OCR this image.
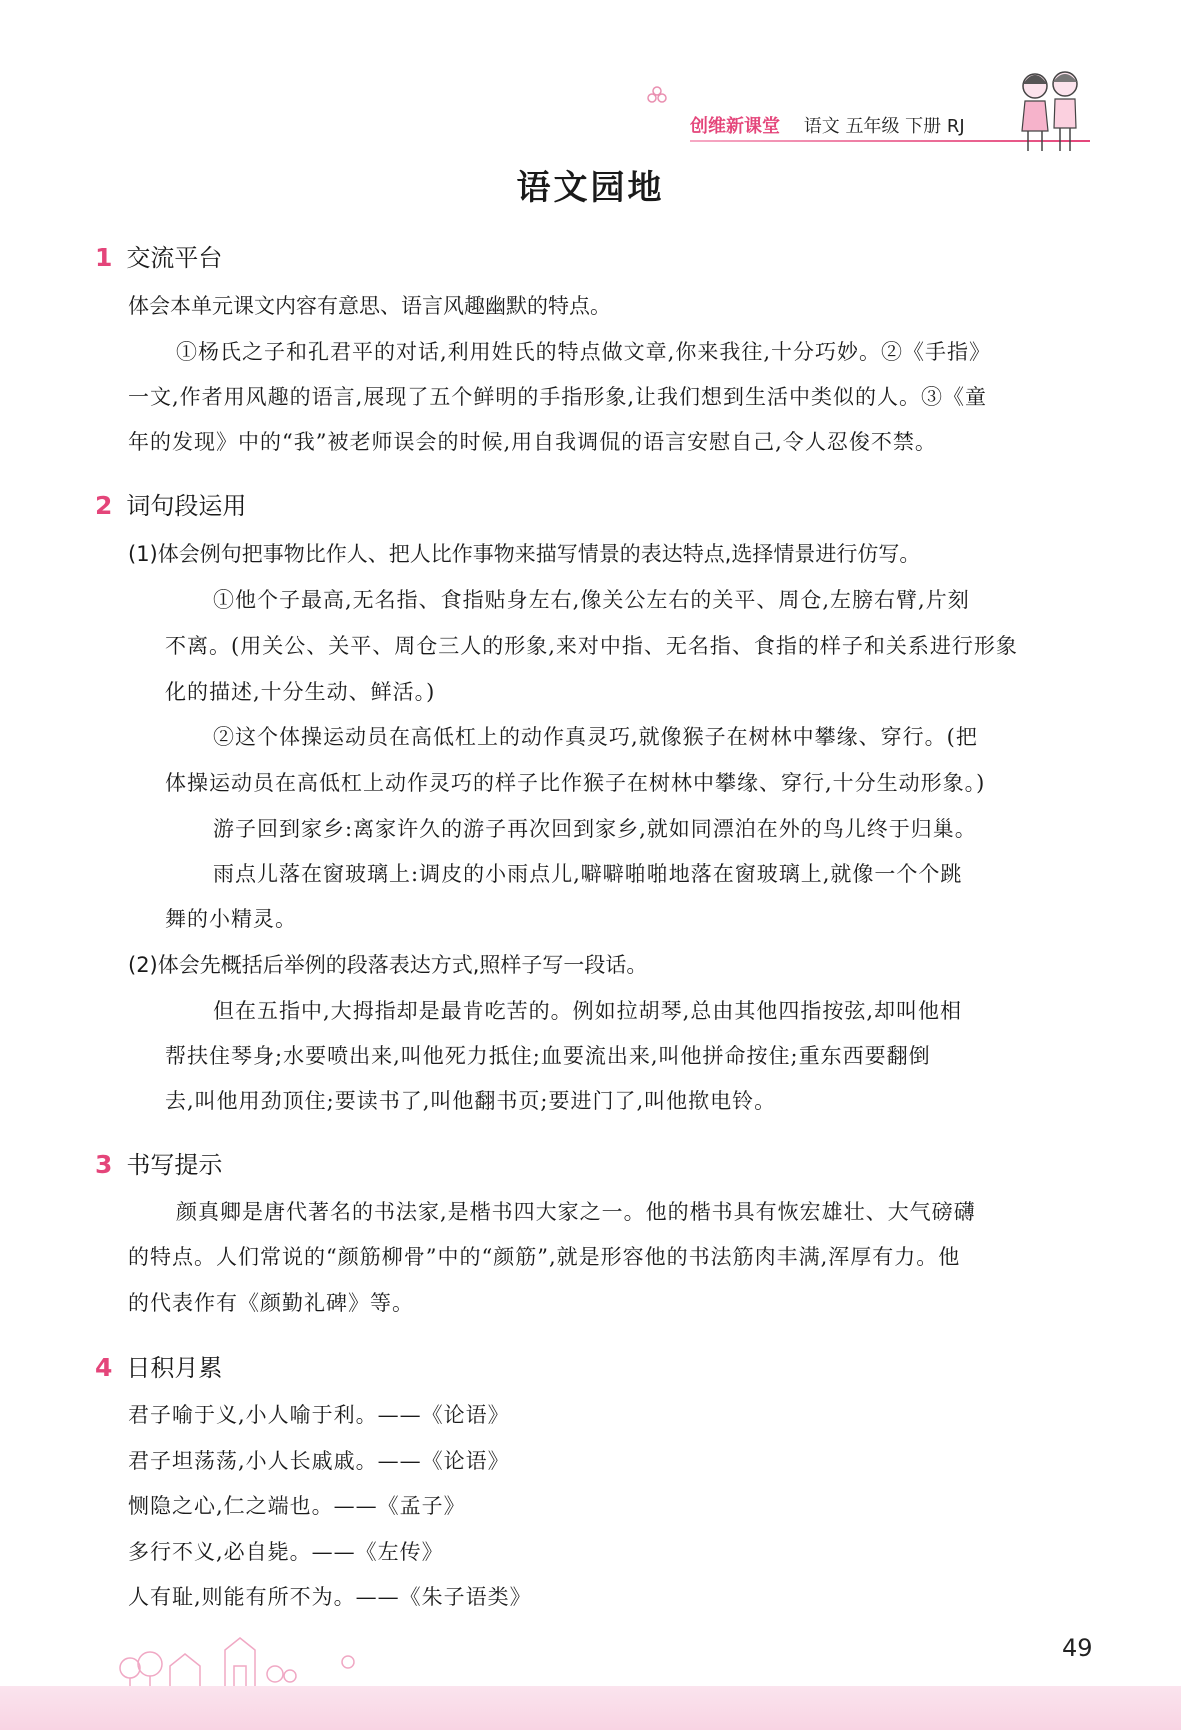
创维新课堂 语文 五年级 下册 RJ
语文园地
1 交流平台
体会本单元课文内容有意思、语言风趣幽默的特点。
①杨氏之子和孔君平的对话,利用姓氏的特点做文章,你来我往,十分巧妙。②《手指》
一文,作者用风趣的语言,展现了五个鲜明的手指形象,让我们想到生活中类似的人。③《童
年的发现》中的“我”被老师误会的时候,用自我调侃的语言安慰自己,令人忍俊不禁。
2 词句段运用
(1)体会例句把事物比作人、把人比作事物来描写情景的表达特点,选择情景进行仿写。
①他个子最高,无名指、食指贴身左右,像关公左右的关平、周仓,左膀右臂,片刻
不离。(用关公、关平、周仓三人的形象,来对中指、无名指、食指的样子和关系进行形象
化的描述,十分生动、鲜活。)
②这个体操运动员在高低杠上的动作真灵巧,就像猴子在树林中攀缘、穿行。(把
体操运动员在高低杠上动作灵巧的样子比作猴子在树林中攀缘、穿行,十分生动形象。)
游子回到家乡:离家许久的游子再次回到家乡,就如同漂泊在外的鸟儿终于归巢。
雨点儿落在窗玻璃上:调皮的小雨点儿,噼噼啪啪地落在窗玻璃上,就像一个个跳
舞的小精灵。
(2)体会先概括后举例的段落表达方式,照样子写一段话。
但在五指中,大拇指却是最肯吃苦的。例如拉胡琴,总由其他四指按弦,却叫他相
帮扶住琴身;水要喷出来,叫他死力抵住;血要流出来,叫他拼命按住;重东西要翻倒
去,叫他用劲顶住;要读书了,叫他翻书页;要进门了,叫他揿电铃。
3 书写提示
颜真卿是唐代著名的书法家,是楷书四大家之一。他的楷书具有恢宏雄壮、大气磅礴
的特点。人们常说的“颜筋柳骨”中的“颜筋”,就是形容他的书法筋肉丰满,浑厚有力。他
的代表作有《颜勤礼碑》等。
4 日积月累
君子喻于义,小人喻于利。——《论语》
君子坦荡荡,小人长戚戚。——《论语》
恻隐之心,仁之端也。——《孟子》
多行不义,必自毙。——《左传》
人有耻,则能有所不为。——《朱子语类》
49
